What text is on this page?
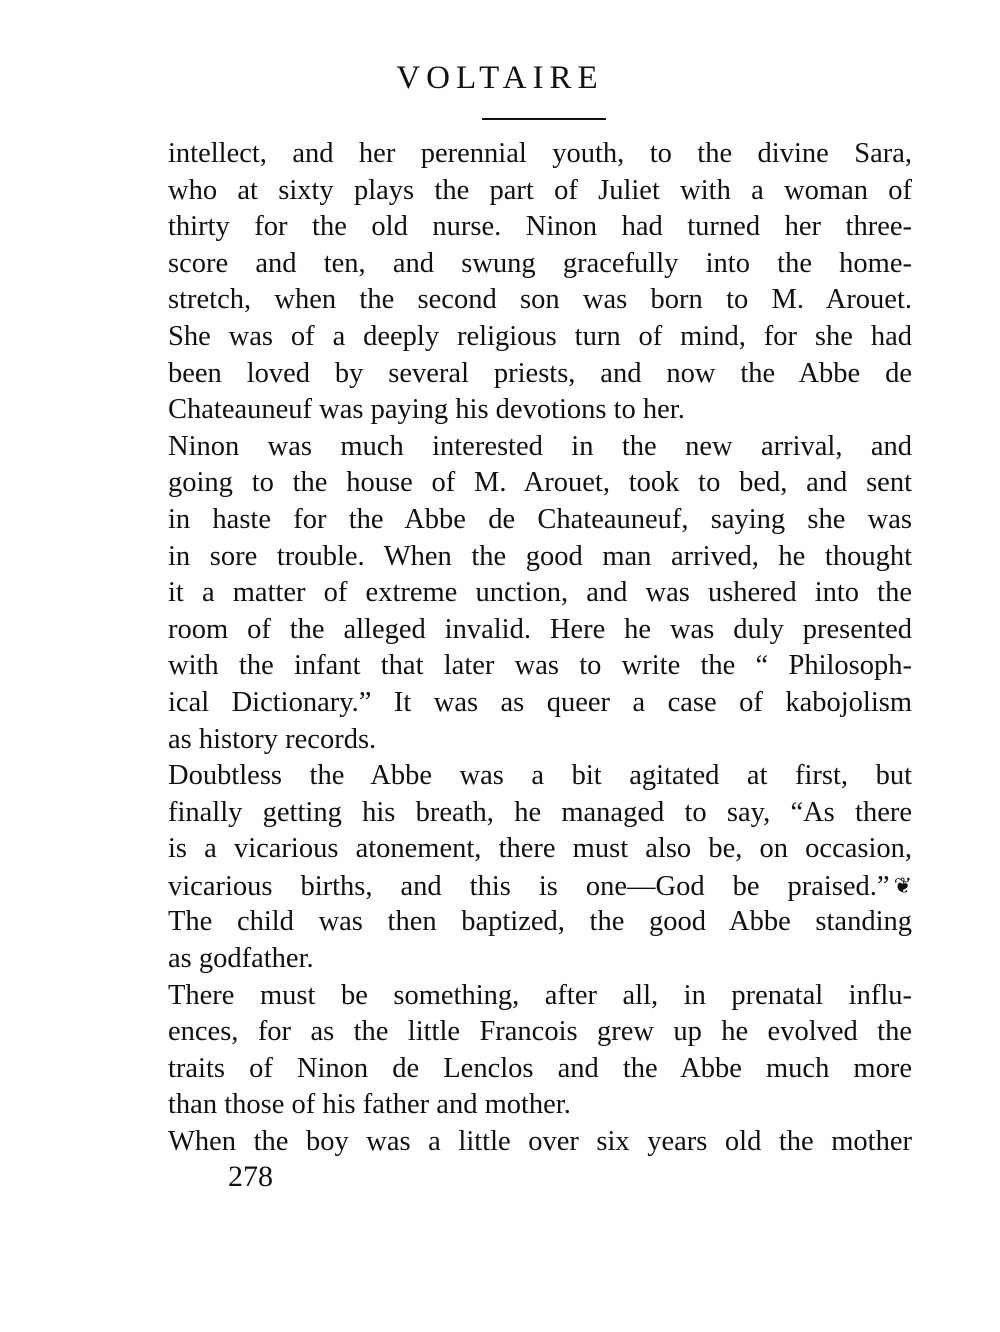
VOLTAIRE

intellect, and her perennial youth, to the divine Sara,
who at sixty plays the part of Juliet with a woman of
thirty for the old nurse. Ninon had turned her three-
score and ten, and swung gracefully into the home-
stretch, when the second son was born to M. Arouet.
She was of a deeply religious turn of mind, for she had
been loved by several priests, and now the Abbe de
Chateauneuf was paying his devotions to her.

Ninon was much interested in the new arrival, and
going to the house of M. Arouet, took to bed, and sent
in haste for the Abbe de Chateauneuf, saying she was
in sore trouble. When the good man arrived, he thought
it a matter of extreme unction, and was ushered into the
room of the alleged invalid. Here he was duly presented
with the infant that later was to write the “ Philosoph-
ical Dictionary.” It was as queer a case of kabojolism
as history records.

Doubtless the Abbe was a bit agitated at first, but
finally getting his breath, he managed to say, “As there
is a vicarious atonement, there must also be, on occasion,
vicarious births, and this is one—God be praised.” ❦
The child was then baptized, the good Abbe standing
as godfather.

There must be something, after all, in prenatal influ-
ences, for as the little Francois grew up he evolved the
traits of Ninon de Lenclos and the Abbe much more
than those of his father and mother.

When the boy was a little over six years old the mother

278
